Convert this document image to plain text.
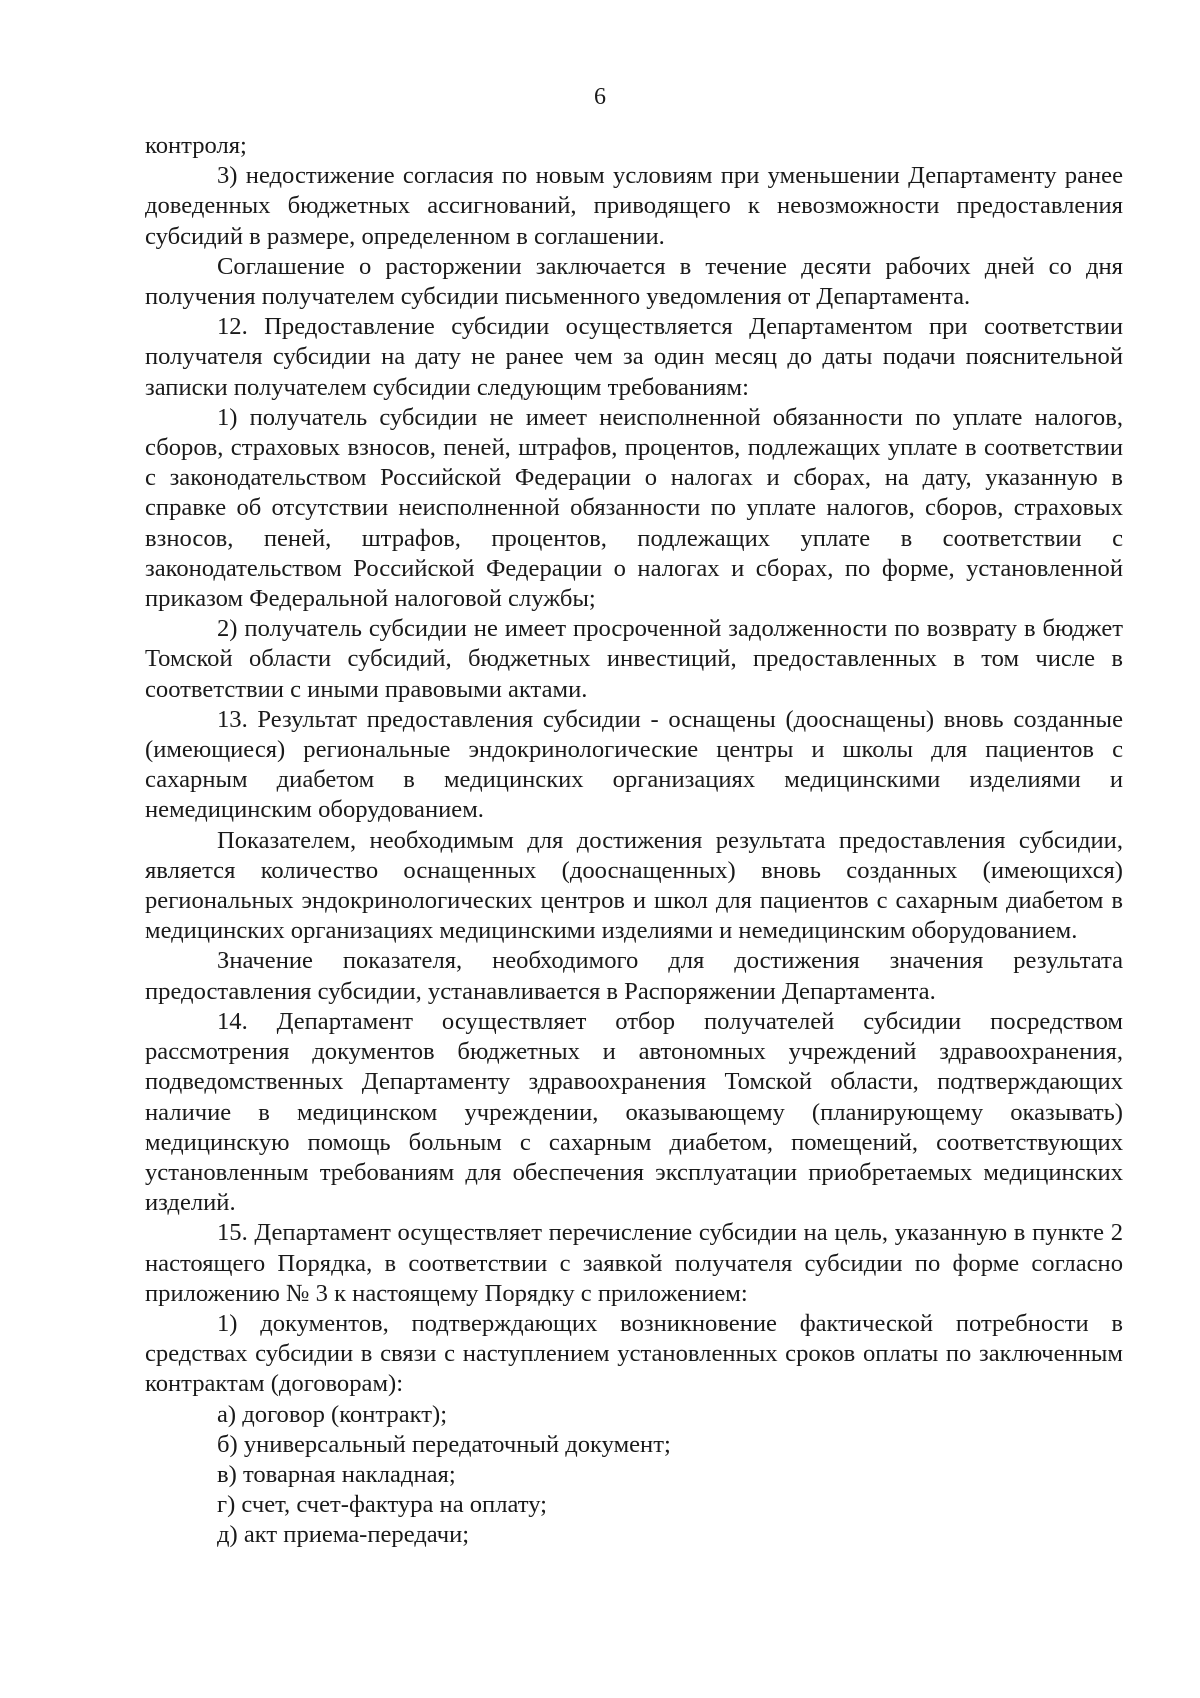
6

контроля;

3) недостижение согласия по новым условиям при уменьшении Департаменту ранее доведенных бюджетных ассигнований, приводящего к невозможности предоставления субсидий в размере, определенном в соглашении.

Соглашение о расторжении заключается в течение десяти рабочих дней со дня получения получателем субсидии письменного уведомления от Департамента.

12. Предоставление субсидии осуществляется Департаментом при соответствии получателя субсидии на дату не ранее чем за один месяц до даты подачи пояснительной записки получателем субсидии следующим требованиям:

1) получатель субсидии не имеет неисполненной обязанности по уплате налогов, сборов, страховых взносов, пеней, штрафов, процентов, подлежащих уплате в соответствии с законодательством Российской Федерации о налогах и сборах, на дату, указанную в справке об отсутствии неисполненной обязанности по уплате налогов, сборов, страховых взносов, пеней, штрафов, процентов, подлежащих уплате в соответствии с законодательством Российской Федерации о налогах и сборах, по форме, установленной приказом Федеральной налоговой службы;

2) получатель субсидии не имеет просроченной задолженности по возврату в бюджет Томской области субсидий, бюджетных инвестиций, предоставленных в том числе в соответствии с иными правовыми актами.

13. Результат предоставления субсидии - оснащены (дооснащены) вновь созданные (имеющиеся) региональные эндокринологические центры и школы для пациентов с сахарным диабетом в медицинских организациях медицинскими изделиями и немедицинским оборудованием.

Показателем, необходимым для достижения результата предоставления субсидии, является количество оснащенных (дооснащенных) вновь созданных (имеющихся) региональных эндокринологических центров и школ для пациентов с сахарным диабетом в медицинских организациях медицинскими изделиями и немедицинским оборудованием.

Значение показателя, необходимого для достижения значения результата предоставления субсидии, устанавливается в Распоряжении Департамента.

14. Департамент осуществляет отбор получателей субсидии посредством рассмотрения документов бюджетных и автономных учреждений здравоохранения, подведомственных Департаменту здравоохранения Томской области, подтверждающих наличие в медицинском учреждении, оказывающему (планирующему оказывать) медицинскую помощь больным с сахарным диабетом, помещений, соответствующих установленным требованиям для обеспечения эксплуатации приобретаемых медицинских изделий.

15. Департамент осуществляет перечисление субсидии на цель, указанную в пункте 2 настоящего Порядка, в соответствии с заявкой получателя субсидии по форме согласно приложению № 3 к настоящему Порядку с приложением:

1) документов, подтверждающих возникновение фактической потребности в средствах субсидии в связи с наступлением установленных сроков оплаты по заключенным контрактам (договорам):

а) договор (контракт);

б) универсальный передаточный документ;

в) товарная накладная;

г) счет, счет-фактура на оплату;

д) акт приема-передачи;
